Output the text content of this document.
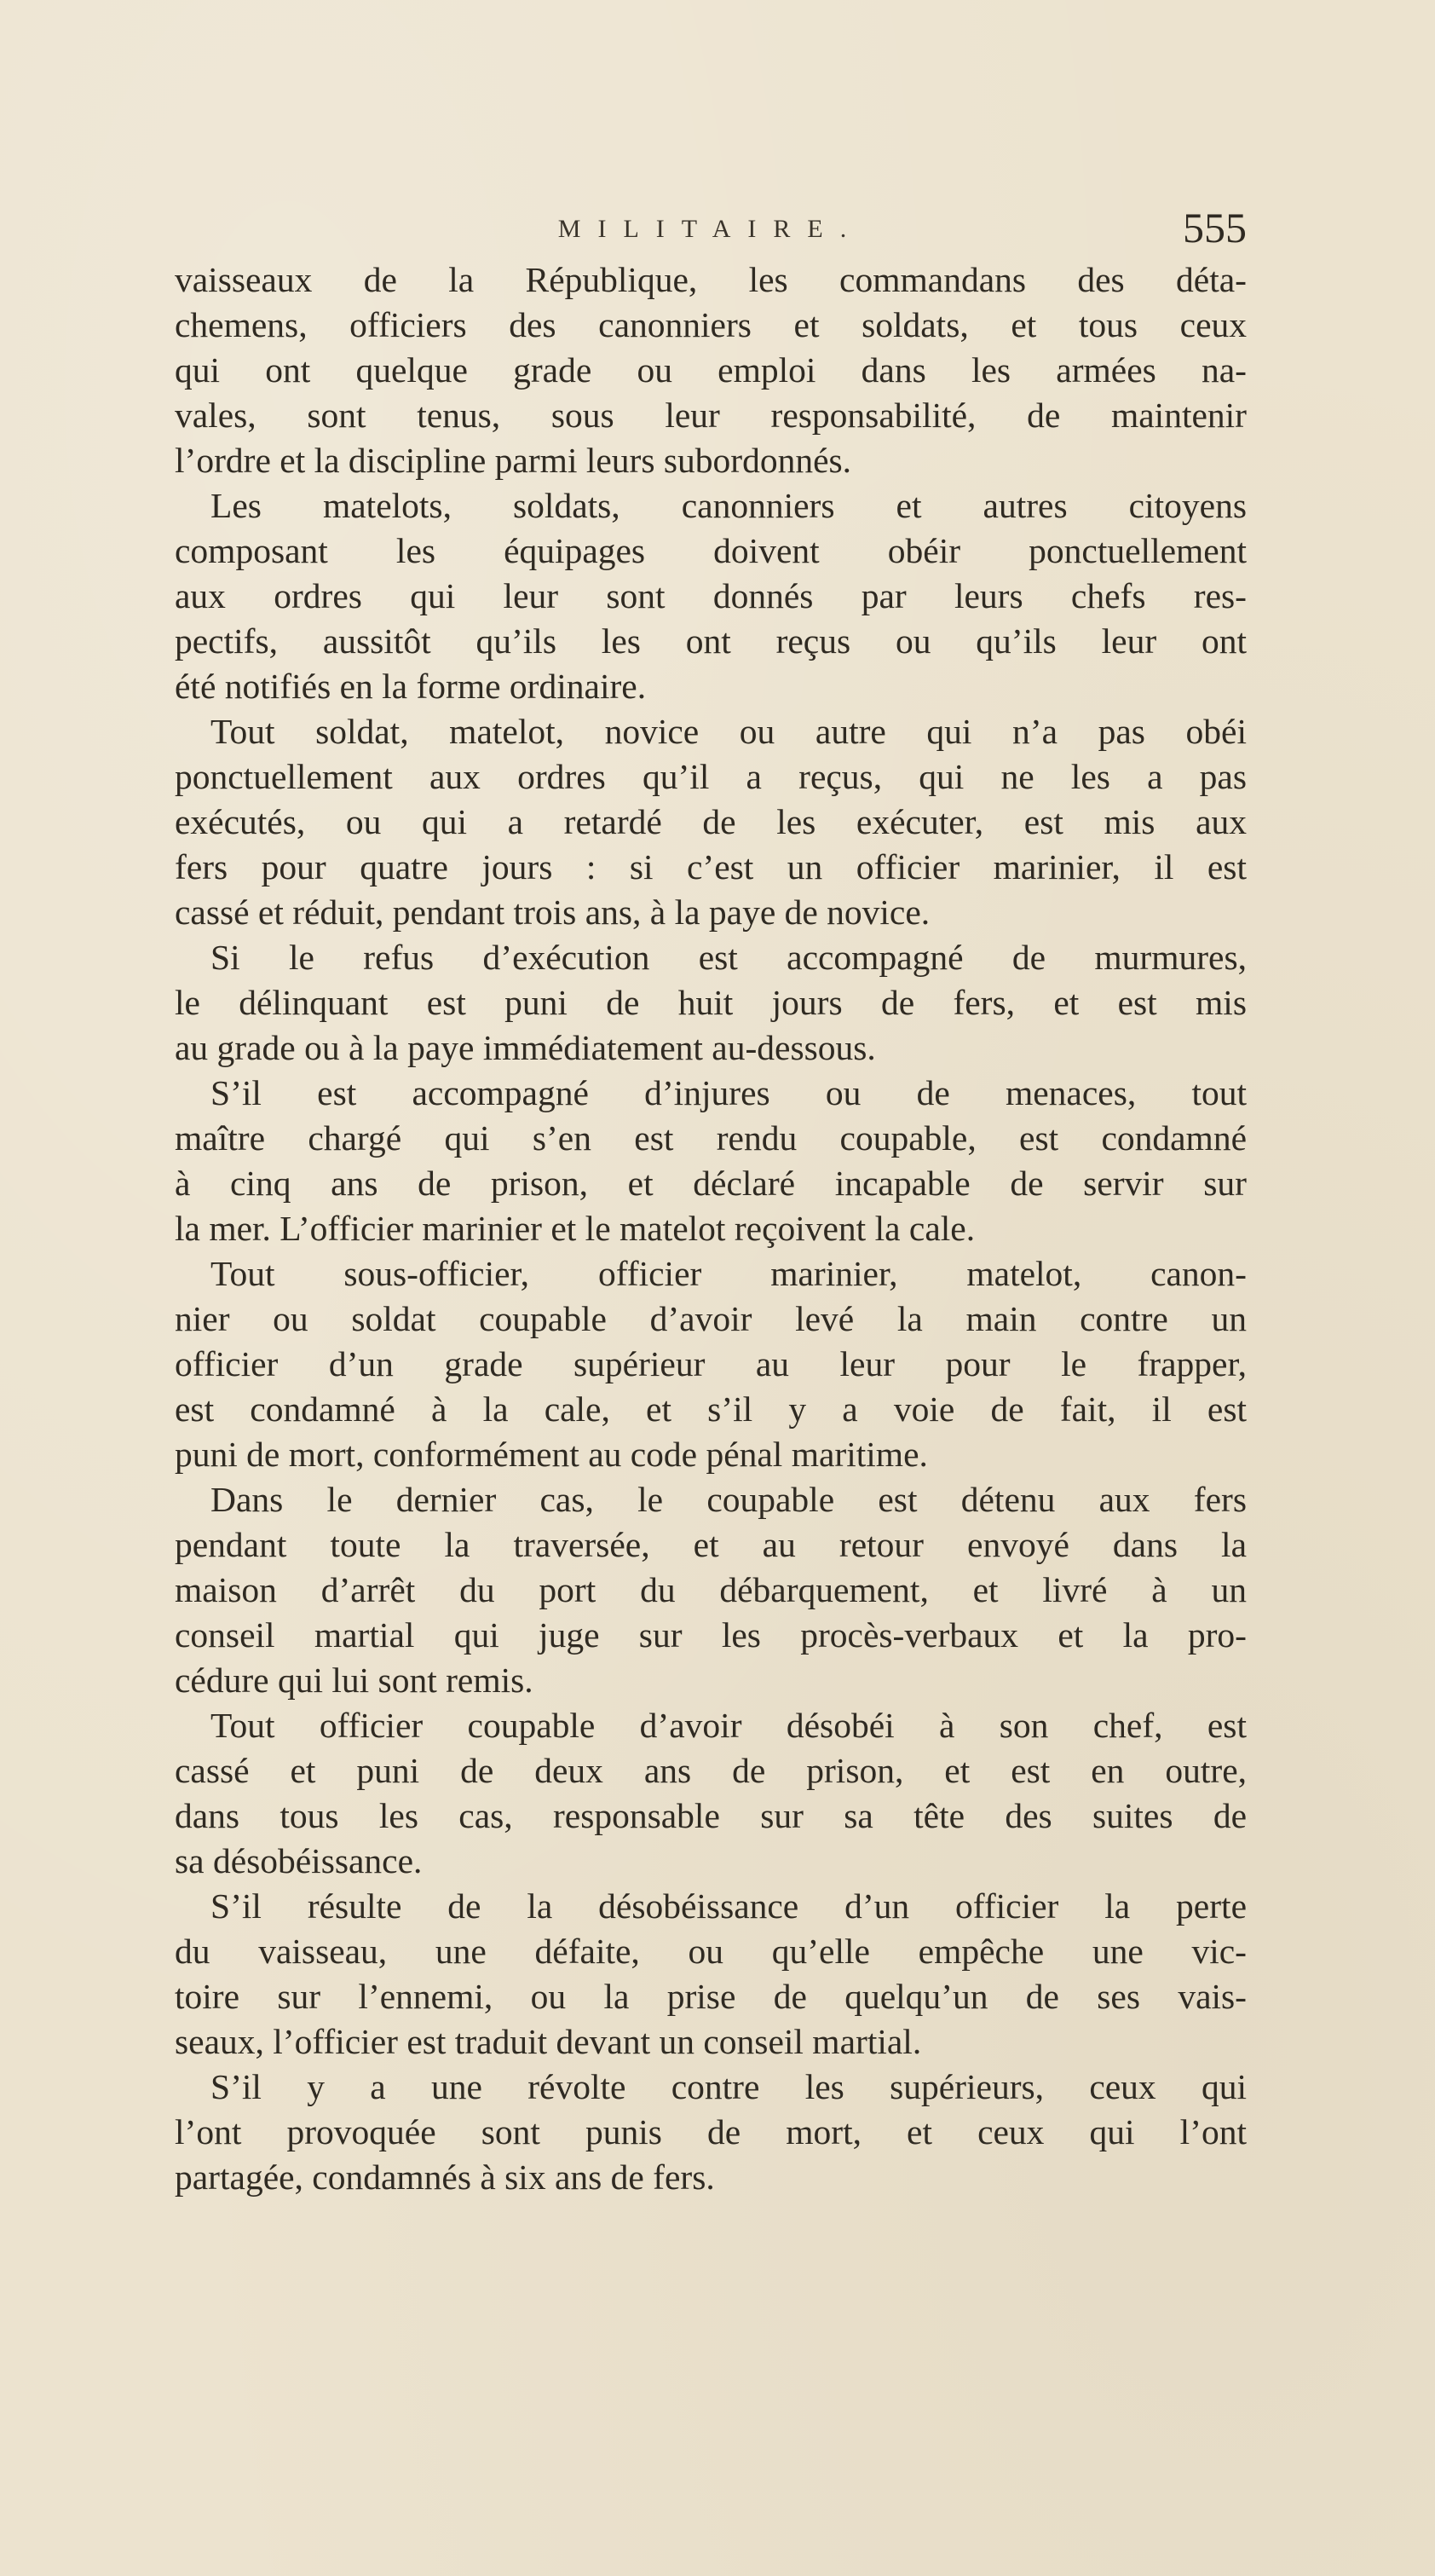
MILITAIRE.	555
vaisseaux de la République, les commandans des déta-
chemens, officiers des canonniers et soldats, et tous ceux
qui ont quelque grade ou emploi dans les armées na-
vales, sont tenus, sous leur responsabilité, de maintenir
l’ordre et la discipline parmi leurs subordonnés.
Les matelots, soldats, canonniers et autres citoyens
composant les équipages doivent obéir ponctuellement
aux ordres qui leur sont donnés par leurs chefs res-
pectifs, aussitôt qu’ils les ont reçus ou qu’ils leur ont
été notifiés en la forme ordinaire.
Tout soldat, matelot, novice ou autre qui n’a pas obéi
ponctuellement aux ordres qu’il a reçus, qui ne les a pas
exécutés, ou qui a retardé de les exécuter, est mis aux
fers pour quatre jours : si c’est un officier marinier, il est
cassé et réduit, pendant trois ans, à la paye de novice.
Si le refus d’exécution est accompagné de murmures,
le délinquant est puni de huit jours de fers, et est mis
au grade ou à la paye immédiatement au-dessous.
S’il est accompagné d’injures ou de menaces, tout
maître chargé qui s’en est rendu coupable, est condamné
à cinq ans de prison, et déclaré incapable de servir sur
la mer. L’officier marinier et le matelot reçoivent la cale.
Tout sous-officier, officier marinier, matelot, canon-
nier ou soldat coupable d’avoir levé la main contre un
officier d’un grade supérieur au leur pour le frapper,
est condamné à la cale, et s’il y a voie de fait, il est
puni de mort, conformément au code pénal maritime.
Dans le dernier cas, le coupable est détenu aux fers
pendant toute la traversée, et au retour envoyé dans la
maison d’arrêt du port du débarquement, et livré à un
conseil martial qui juge sur les procès-verbaux et la pro-
cédure qui lui sont remis.
Tout officier coupable d’avoir désobéi à son chef, est
cassé et puni de deux ans de prison, et est en outre,
dans tous les cas, responsable sur sa tête des suites de
sa désobéissance.
S’il résulte de la désobéissance d’un officier la perte
du vaisseau, une défaite, ou qu’elle empêche une vic-
toire sur l’ennemi, ou la prise de quelqu’un de ses vais-
seaux, l’officier est traduit devant un conseil martial.
S’il y a une révolte contre les supérieurs, ceux qui
l’ont provoquée sont punis de mort, et ceux qui l’ont
partagée, condamnés à six ans de fers.
